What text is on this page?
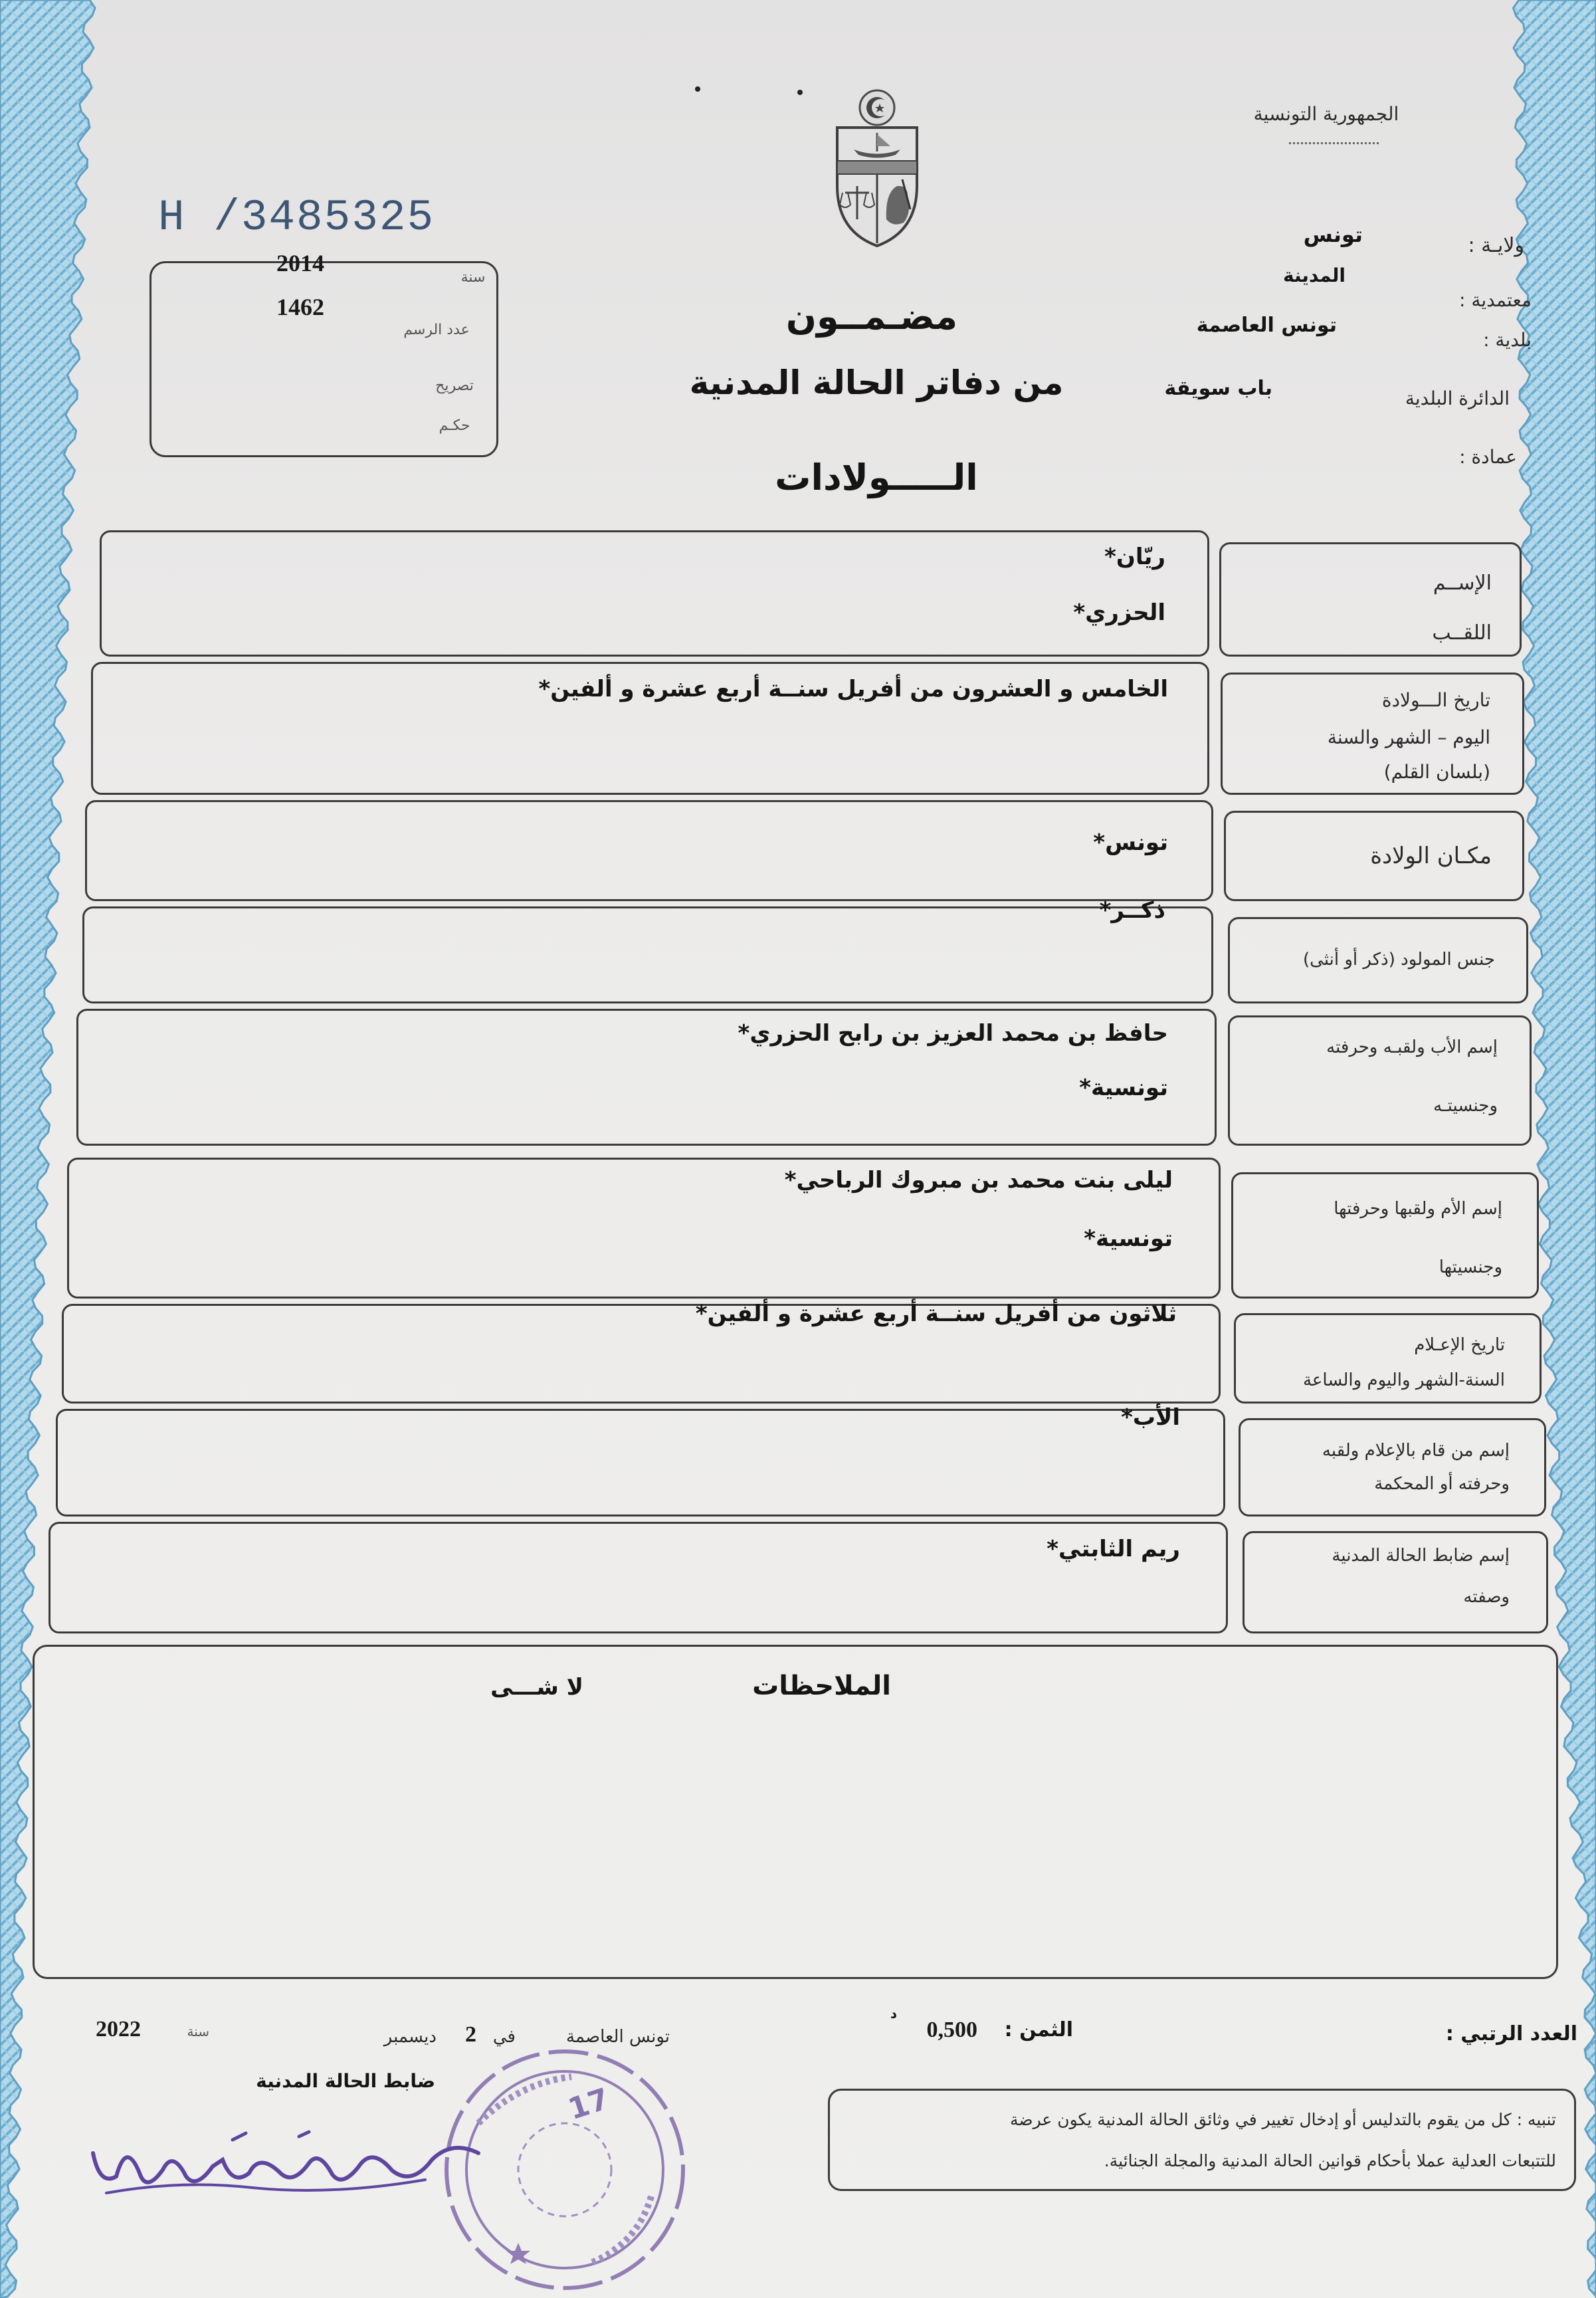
الجمهورية التونسية
H /3485325
2014
1462
سنة
عدد الرسم
تصريح
حكـم
ولايـة :
تونس
المدينة
معتمدية :
تونس العاصمة
بلدية :
الدائرة البلدية
باب سويقة
عمادة :
مضـمــون
من دفاتر الحالة المدنية
الـــــولادات
الإســم
اللقــب
ريّان*
الحزري*
تاريخ الـــولادة
اليوم – الشهر والسنة
(بلسان القلم)
الخامس و العشرون من أفريل سنــة أربع عشرة و ألفين*
مكـان الولادة
تونس*
جنس المولود (ذكر أو أنثى)
ذكــر*
إسم الأب ولقبـه وحرفته
وجنسيتـه
حافظ بن محمد العزيز بن رابح الحزري*
تونسية*
إسم الأم ولقبها وحرفتها
وجنسيتها
ليلى بنت محمد بن مبروك الرباحي*
تونسية*
تاريخ الإعـلام
السنة-الشهر واليوم والساعة
ثلاثون من أفريل سنــة أربع عشرة و ألفين*
إسم من قام بالإعلام ولقبه
وحرفته أو المحكمة
الأب*
إسم ضابط الحالة المدنية
وصفته
ريم الثابتي*
الملاحظات
لا شـــى
العدد الرتبي :
الثمن :
0,500
د
تونس العاصمة
في
2
ديسمبر
سنة
2022
ضابط الحالة المدنية
تنبيه : كل من يقوم بالتدليس أو إدخال تغيير في وثائق الحالة المدنية يكون عرضة
للتتبعات العدلية عملا بأحكام قوانين الحالة المدنية والمجلة الجنائية.
17
